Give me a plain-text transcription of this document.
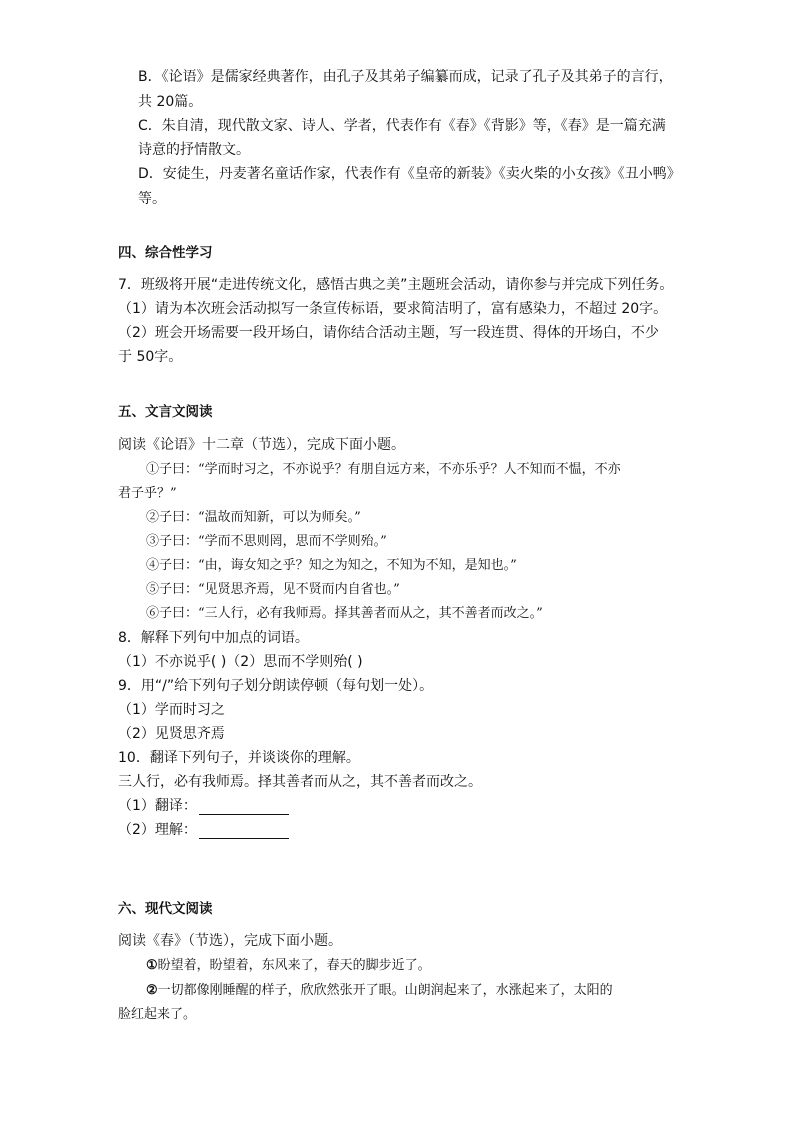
B．《论语》是儒家经典著作，由孔子及其弟子编纂而成，记录了孔子及其弟子的言行，
共 20篇。
C．朱自清，现代散文家、诗人、学者，代表作有《春》《背影》等，《春》是一篇充满
诗意的抒情散文。
D．安徒生，丹麦著名童话作家，代表作有《皇帝的新装》《卖火柴的小女孩》《丑小鸭》
等。
四、综合性学习
7．班级将开展“走进传统文化，感悟古典之美”主题班会活动，请你参与并完成下列任务。
（1）请为本次班会活动拟写一条宣传标语，要求简洁明了，富有感染力，不超过 20字。
（2）班会开场需要一段开场白，请你结合活动主题，写一段连贯、得体的开场白，不少
于 50字。
五、文言文阅读
阅读《论语》十二章（节选），完成下面小题。
①子曰：“学而时习之，不亦说乎？有朋自远方来，不亦乐乎？人不知而不愠，不亦
君子乎？”
②子曰：“温故而知新，可以为师矣。”
③子曰：“学而不思则罔，思而不学则殆。”
④子曰：“由，诲女知之乎？知之为知之，不知为不知，是知也。”
⑤子曰：“见贤思齐焉，见不贤而内自省也。”
⑥子曰：“三人行，必有我师焉。择其善者而从之，其不善者而改之。”
8．解释下列句中加点的词语。
（1）不亦说乎( )（2）思而不学则殆( )
9．用“/”给下列句子划分朗读停顿（每句划一处）。
（1）学而时习之
（2）见贤思齐焉
10．翻译下列句子，并谈谈你的理解。
三人行，必有我师焉。择其善者而从之，其不善者而改之。
（1）翻译：
（2）理解：
六、现代文阅读
阅读《春》（节选），完成下面小题。
①盼望着，盼望着，东风来了，春天的脚步近了。
②一切都像刚睡醒的样子，欣欣然张开了眼。山朗润起来了，水涨起来了，太阳的
脸红起来了。
